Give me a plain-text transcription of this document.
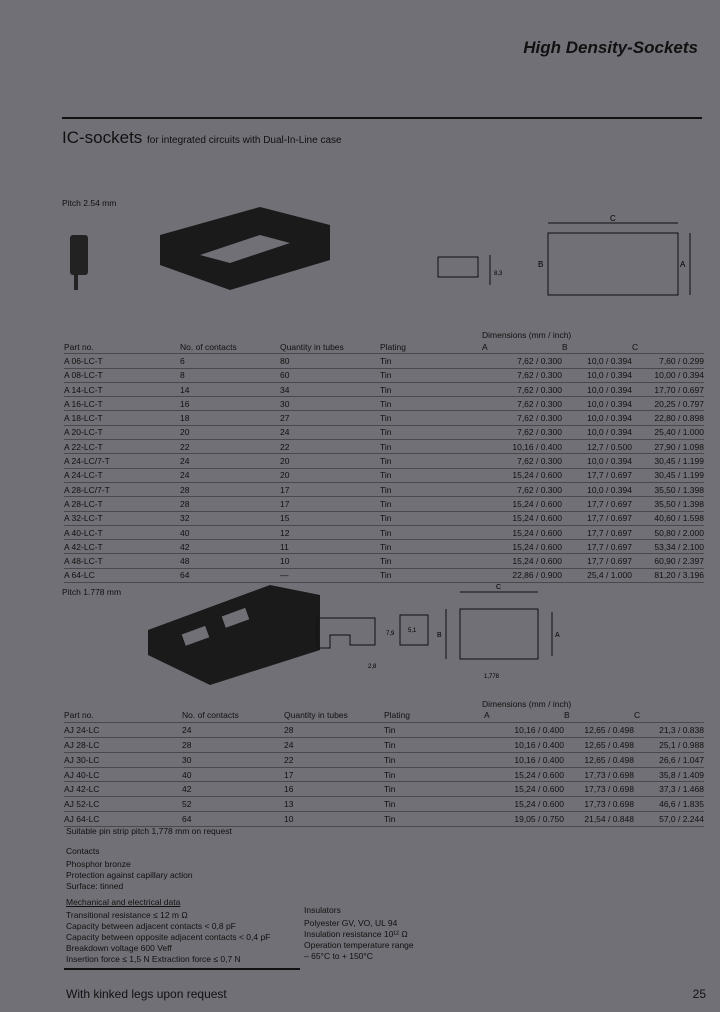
High Density-Sockets
IC-sockets for integrated circuits with Dual-In-Line case
Pitch 2.54 mm
C
A
B
8,3
Dimensions (mm / inch)
Part no.	No. of contacts	Quantity in tubes	Plating	A	B	C
A 06-LC-T	6	80	Tin	7,62 / 0.300	10,0 / 0.394	7,60 / 0.299
A 08-LC-T	8	60	Tin	7,62 / 0.300	10,0 / 0.394	10,00 / 0.394
A 14-LC-T	14	34	Tin	7,62 / 0.300	10,0 / 0.394	17,70 / 0.697
A 16-LC-T	16	30	Tin	7,62 / 0.300	10,0 / 0.394	20,25 / 0.797
A 18-LC-T	18	27	Tin	7,62 / 0.300	10,0 / 0.394	22,80 / 0.898
A 20-LC-T	20	24	Tin	7,62 / 0.300	10,0 / 0.394	25,40 / 1.000
A 22-LC-T	22	22	Tin	10,16 / 0.400	12,7 / 0.500	27,90 / 1.098
A 24-LC/7-T	24	20	Tin	7,62 / 0.300	10,0 / 0.394	30,45 / 1.199
A 24-LC-T	24	20	Tin	15,24 / 0.600	17,7 / 0.697	30,45 / 1.199
A 28-LC/7-T	28	17	Tin	7,62 / 0.300	10,0 / 0.394	35,50 / 1.398
A 28-LC-T	28	17	Tin	15,24 / 0.600	17,7 / 0.697	35,50 / 1.398
A 32-LC-T	32	15	Tin	15,24 / 0.600	17,7 / 0.697	40,60 / 1.598
A 40-LC-T	40	12	Tin	15,24 / 0.600	17,7 / 0.697	50,80 / 2.000
A 42-LC-T	42	11	Tin	15,24 / 0.600	17,7 / 0.697	53,34 / 2.100
A 48-LC-T	48	10	Tin	15,24 / 0.600	17,7 / 0.697	60,90 / 2.397
A 64-LC	64	—	Tin	22,86 / 0.900	25,4 / 1.000	81,20 / 3.196
Pitch 1.778 mm
5,1
7,9
2,8
C
B	A
1,778
Dimensions (mm / inch)
Part no.	No. of contacts	Quantity in tubes	Plating	A	B	C
AJ 24-LC	24	28	Tin	10,16 / 0.400	12,65 / 0.498	21,3 / 0.838
AJ 28-LC	28	24	Tin	10,16 / 0.400	12,65 / 0.498	25,1 / 0.988
AJ 30-LC	30	22	Tin	10,16 / 0.400	12,65 / 0.498	26,6 / 1.047
AJ 40-LC	40	17	Tin	15,24 / 0.600	17,73 / 0.698	35,8 / 1.409
AJ 42-LC	42	16	Tin	15,24 / 0.600	17,73 / 0.698	37,3 / 1.468
AJ 52-LC	52	13	Tin	15,24 / 0.600	17,73 / 0.698	46,6 / 1.835
AJ 64-LC	64	10	Tin	19,05 / 0.750	21,54 / 0.848	57,0 / 2.244
Suitable pin strip pitch 1,778 mm on request
Contacts
Phosphor bronze
Protection against capillary action
Surface: tinned
Mechanical and electrical data
Transitional resistance ≤ 12 m Ω
Capacity between adjacent contacts < 0,8 pF
Capacity between opposite adjacent contacts < 0,4 pF
Breakdown voltage 600 Veff
Insertion force ≤ 1,5 N Extraction force ≤ 0,7 N
Insulators
Polyester GV, VO, UL 94
Insulation resistance 10¹² Ω
Operation temperature range
– 65°C to + 150°C
With kinked legs upon request	25
